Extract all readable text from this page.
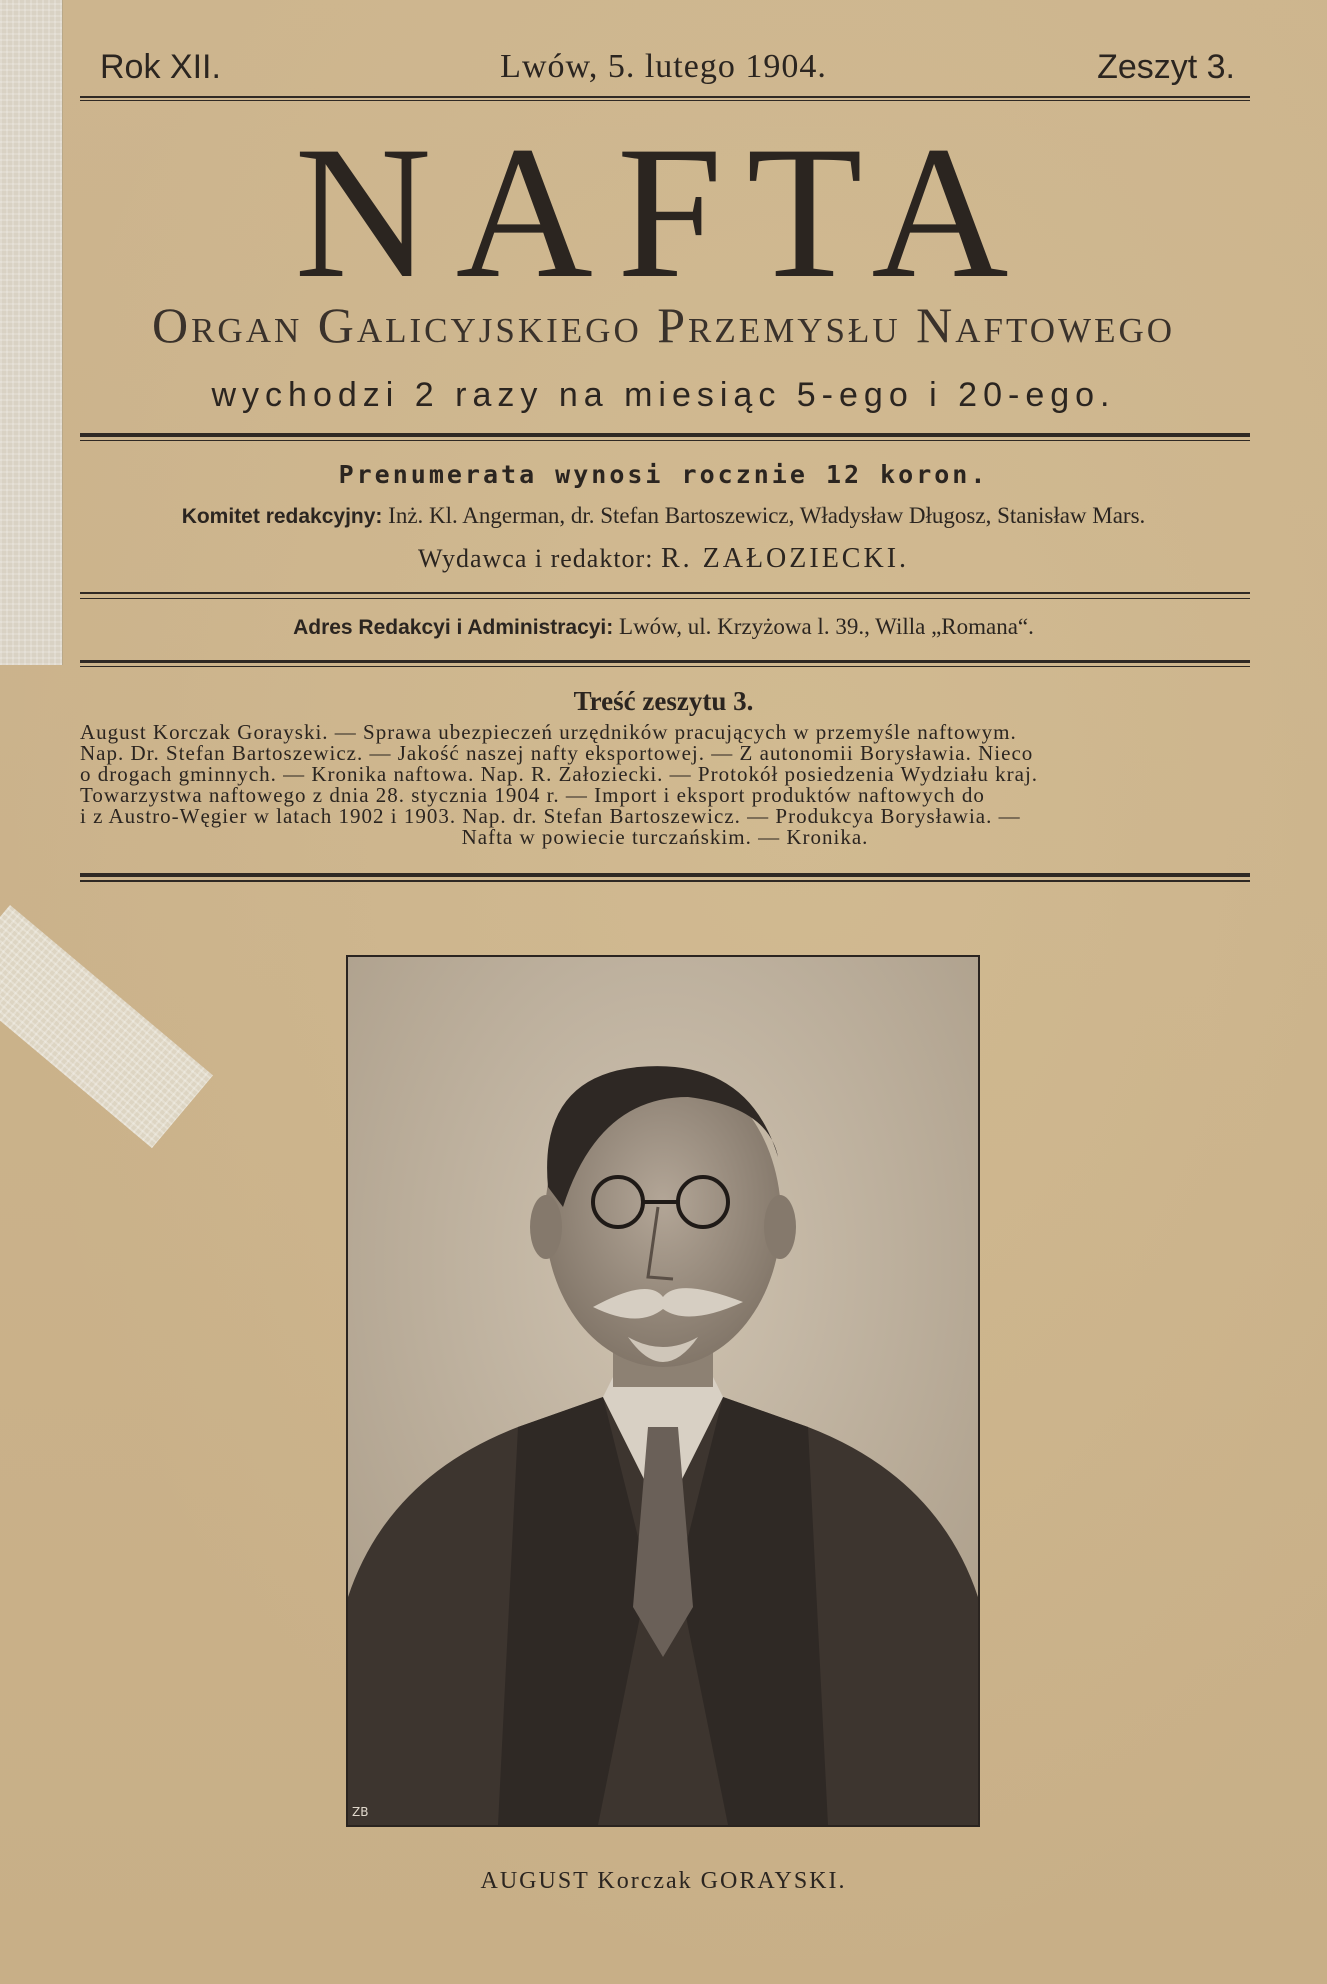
Rok XII.	Lwów, 5. lutego 1904.	Zeszyt 3.
NAFTA
Organ Galicyjskiego Przemysłu Naftowego
wychodzi 2 razy na miesiąc 5-ego i 20-ego.
Prenumerata wynosi rocznie 12 koron.
Komitet redakcyjny: Inż. Kl. Angerman, dr. Stefan Bartoszewicz, Władysław Długosz, Stanisław Mars.
Wydawca i redaktor: R. ZAŁOZIECKI.
Adres Redakcyi i Administracyi: Lwów, ul. Krzyżowa l. 39., Willa „Romana“.
Treść zeszytu 3.
August Korczak Gorayski. — Sprawa ubezpieczeń urzędników pracujących w przemyśle naftowym.
Nap. Dr. Stefan Bartoszewicz. — Jakość naszej nafty eksportowej. — Z autonomii Borysławia. Nieco
o drogach gminnych. — Kronika naftowa. Nap. R. Załoziecki. — Protokół posiedzenia Wydziału kraj.
Towarzystwa naftowego z dnia 28. stycznia 1904 r. — Import i eksport produktów naftowych do
i z Austro-Węgier w latach 1902 i 1903. Nap. dr. Stefan Bartoszewicz. — Produkcya Borysławia. —
Nafta w powiecie turczańskim. — Kronika.
ZB
AUGUST Korczak GORAYSKI.
